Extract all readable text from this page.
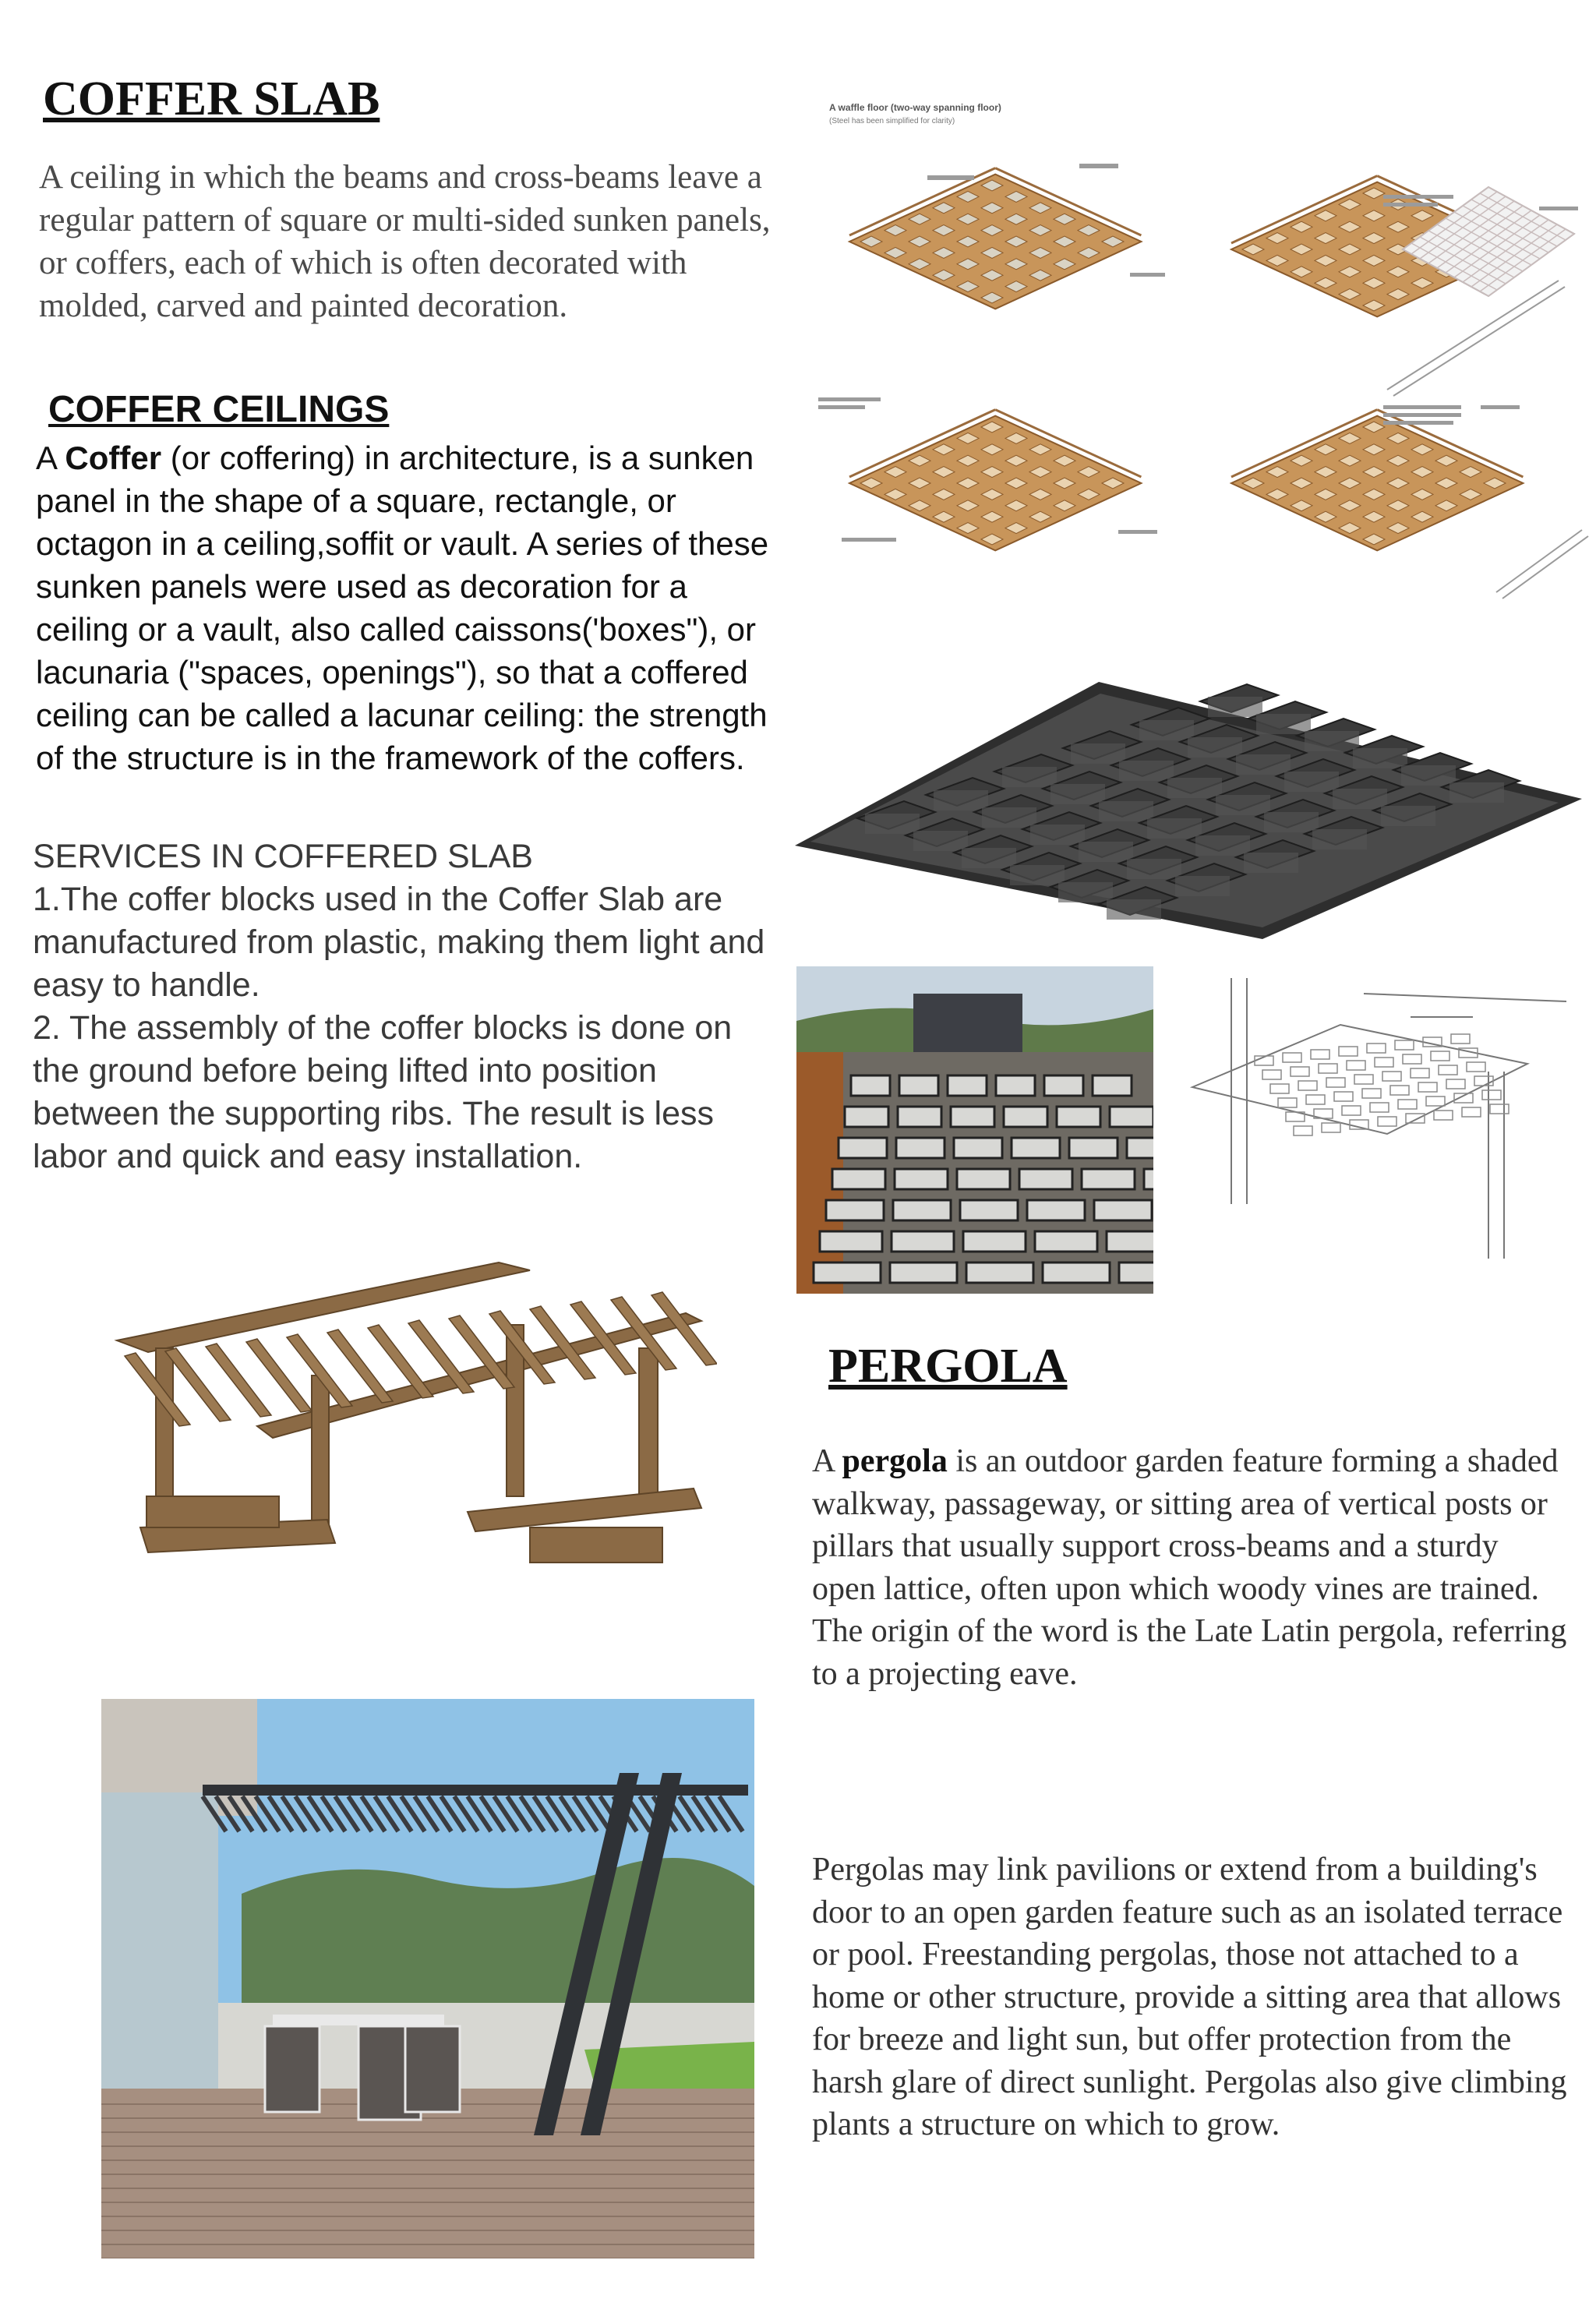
COFFER SLAB

A ceiling in which the beams and cross-beams leave a regular pattern of square or multi-sided sunken panels, or coffers, each of which is often decorated with molded, carved and painted decoration.

COFFER CEILINGS

A Coffer (or coffering) in architecture, is a sunken panel in the shape of a square, rectangle, or octagon in a ceiling,soffit or vault. A series of these sunken panels were used as decoration for a ceiling or a vault, also called caissons('boxes"), or lacunaria ("spaces, openings"), so that a coffered ceiling can be called a lacunar ceiling: the strength of the structure is in the framework of the coffers.

SERVICES IN COFFERED SLAB
1.The coffer blocks used in the Coffer Slab are manufactured from plastic, making them light and easy to handle.
2. The assembly of the coffer blocks is done on the ground before being lifted into position between the supporting ribs. The result is less labor and quick and easy installation.
A waffle floor (two-way spanning floor)
(Steel has been simplified for clarity)
PERGOLA

A pergola is an outdoor garden feature forming a shaded walkway, passageway, or sitting area of vertical posts or pillars that usually support cross-beams and a sturdy open lattice, often upon which woody vines are trained. The origin of the word is the Late Latin pergola, referring to a projecting eave.

Pergolas may link pavilions or extend from a building's door to an open garden feature such as an isolated terrace or pool. Freestanding pergolas, those not attached to a home or other structure, provide a sitting area that allows for breeze and light sun, but offer protection from the harsh glare of direct sunlight. Pergolas also give climbing plants a structure on which to grow.
